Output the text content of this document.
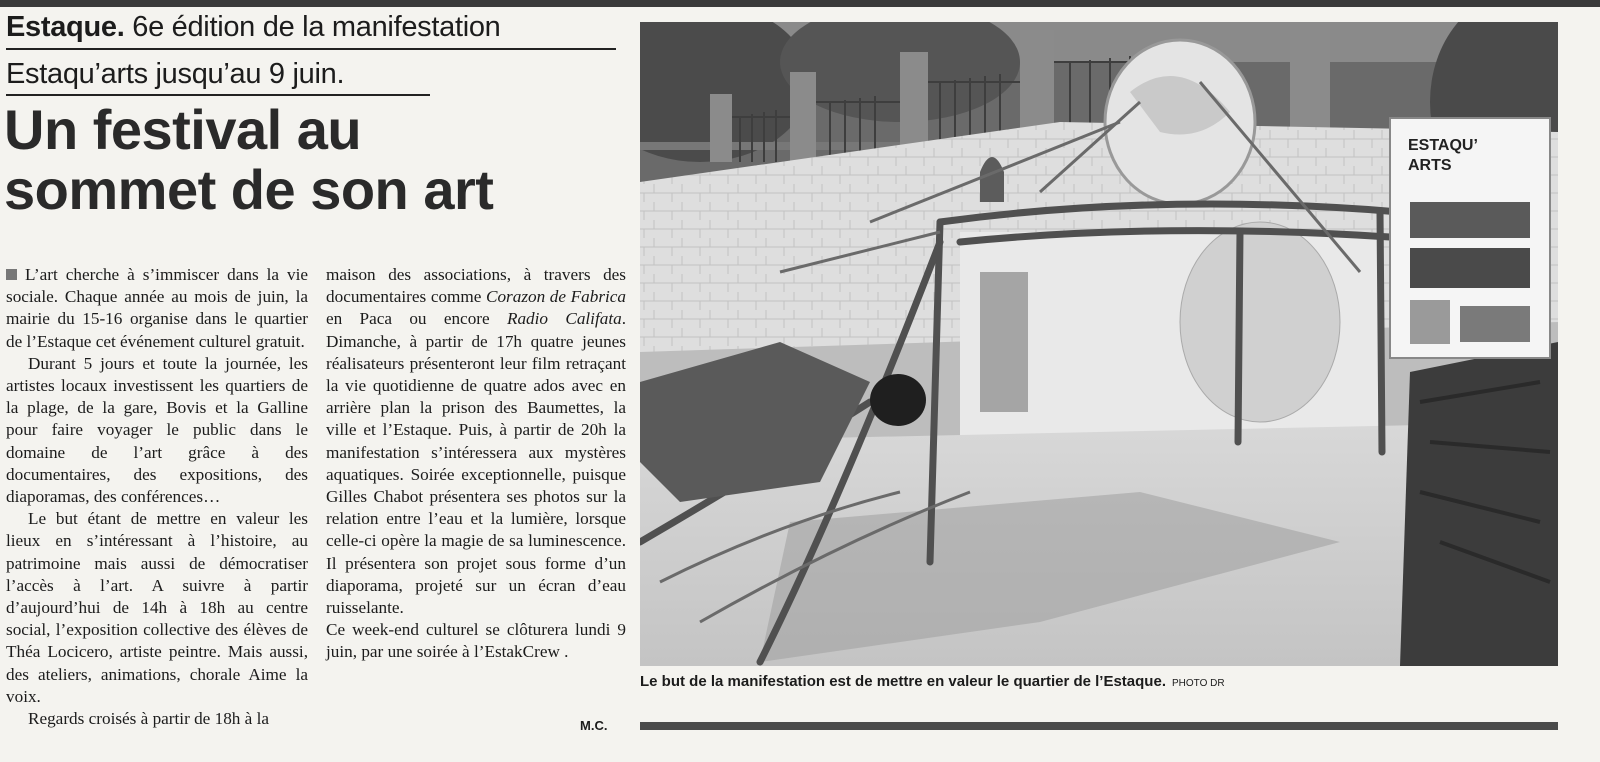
Estaque. 6e édition de la manifestation
Estaqu’arts jusqu’au 9 juin.
Un festival au
sommet de son art

L’art cherche à s’immiscer dans la vie sociale. Chaque année au mois de juin, la mairie du 15-16 organise dans le quartier de l’Estaque cet événement culturel gratuit.

Durant 5 jours et toute la journée, les artistes locaux investissent les quartiers de la plage, de la gare, Bovis et la Galline pour faire voyager le public dans le domaine de l’art grâce à des documentaires, des expositions, des diaporamas, des conférences…

Le but étant de mettre en valeur les lieux en s’intéressant à l’histoire, au patrimoine mais aussi de démocratiser l’accès à l’art. A suivre à partir d’aujourd’hui de 14h à 18h au centre social, l’exposition collective des élèves de Théa Locicero, artiste peintre. Mais aussi, des ateliers, animations, chorale Aime la voix.

Regards croisés à partir de 18h à la

maison des associations, à travers des documentaires comme Corazon de Fabrica en Paca ou encore Radio Califata. Dimanche, à partir de 17h quatre jeunes réalisateurs présenteront leur film retraçant la vie quotidienne de quatre ados avec en arrière plan la prison des Baumettes, la ville et l’Estaque. Puis, à partir de 20h la manifestation s’intéressera aux mystères aquatiques. Soirée exceptionnelle, puisque Gilles Chabot présentera ses photos sur la relation entre l’eau et la lumière, lorsque celle-ci opère la magie de sa luminescence. Il présentera son projet sous forme d’un diaporama, projeté sur un écran d’eau ruisselante.

Ce week-end culturel se clôturera lundi 9 juin, par une soirée à l’EstakCrew .

M.C.
ESTAQU’
ARTS
Le but de la manifestation est de mettre en valeur le quartier de l’Estaque. PHOTO DR
